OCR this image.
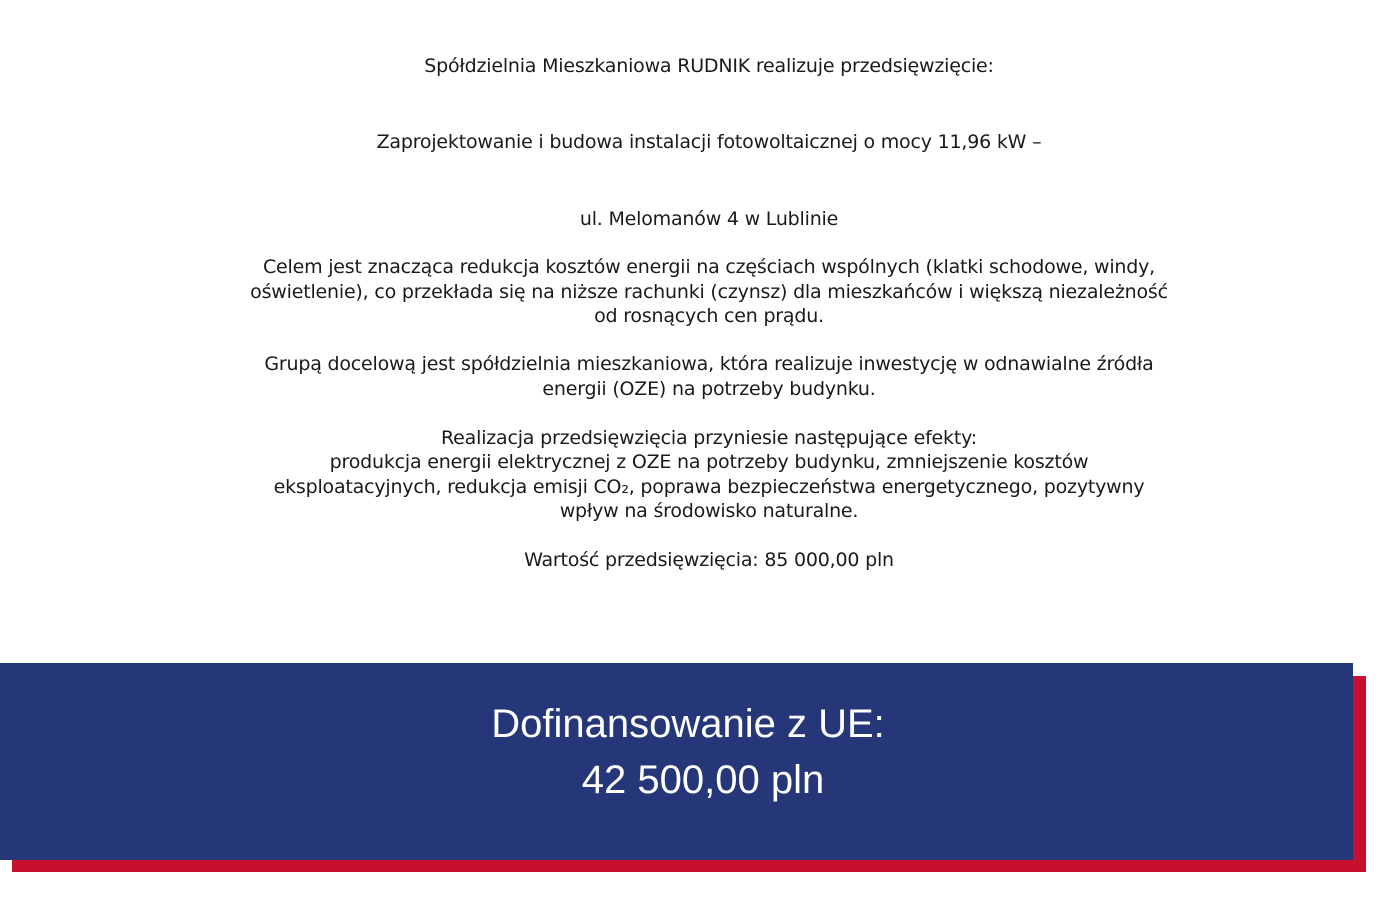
Spółdzielnia Mieszkaniowa RUDNIK realizuje przedsięwzięcie:

Zaprojektowanie i budowa instalacji fotowoltaicznej o mocy 11,96 kW –

ul. Melomanów 4 w Lublinie

Celem jest znacząca redukcja kosztów energii na częściach wspólnych (klatki schodowe, windy,
oświetlenie), co przekłada się na niższe rachunki (czynsz) dla mieszkańców i większą niezależność
od rosnących cen prądu.

Grupą docelową jest spółdzielnia mieszkaniowa, która realizuje inwestycję w odnawialne źródła
energii (OZE) na potrzeby budynku.

Realizacja przedsięwzięcia przyniesie następujące efekty:

produkcja energii elektrycznej z OZE na potrzeby budynku, zmniejszenie kosztów
eksploatacyjnych, redukcja emisji CO₂, poprawa bezpieczeństwa energetycznego, pozytywny
wpływ na środowisko naturalne.

Wartość przedsięwzięcia: 85 000,00 pln

Dofinansowanie z UE:
42 500,00 pln
